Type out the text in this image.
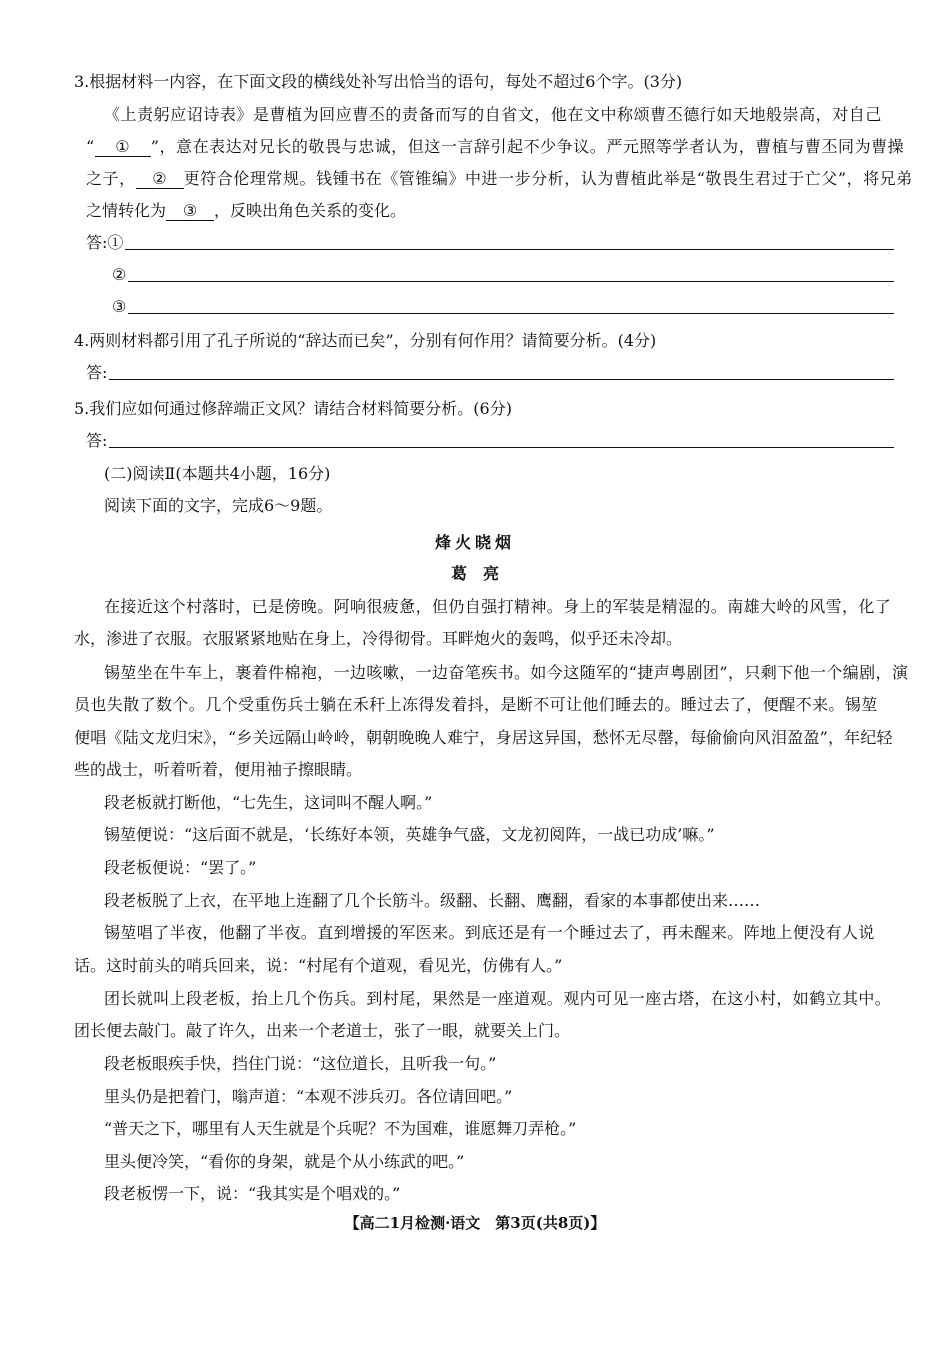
3.根据材料一内容，在下面文段的横线处补写出恰当的语句，每处不超过6个字。(3分)
《上责躬应诏诗表》是曹植为回应曹丕的责备而写的自省文，他在文中称颂曹丕德行如天地般崇高，对自己
“ ① ”，意在表达对兄长的敬畏与忠诚，但这一言辞引起不少争议。严元照等学者认为，曹植与曹丕同为曹操
之子， ② 更符合伦理常规。钱锺书在《管锥编》中进一步分析，认为曹植此举是“敬畏生君过于亡父”，将兄弟
之情转化为 ③ ，反映出角色关系的变化。
答:①
②
③
4.两则材料都引用了孔子所说的“辞达而已矣”，分别有何作用？请简要分析。(4分)
答:
5.我们应如何通过修辞端正文风？请结合材料简要分析。(6分)
答:
(二)阅读Ⅱ(本题共4小题，16分)
阅读下面的文字，完成6～9题。
烽火晓烟
葛　亮
在接近这个村落时，已是傍晚。阿响很疲惫，但仍自强打精神。身上的军装是精湿的。南雄大岭的风雪，化了
水，渗进了衣服。衣服紧紧地贴在身上，冷得彻骨。耳畔炮火的轰鸣，似乎还未冷却。
锡堃坐在牛车上，裹着件棉袍，一边咳嗽，一边奋笔疾书。如今这随军的“捷声粤剧团”，只剩下他一个编剧，演
员也失散了数个。几个受重伤兵士躺在禾秆上冻得发着抖，是断不可让他们睡去的。睡过去了，便醒不来。锡堃
便唱《陆文龙归宋》，“乡关远隔山岭岭，朝朝晚晚人难宁，身居这异国，愁怀无尽罄，每偷偷向风泪盈盈”，年纪轻
些的战士，听着听着，便用袖子擦眼睛。
段老板就打断他，“七先生，这词叫不醒人啊。”
锡堃便说：“这后面不就是，‘长练好本领，英雄争气盛，文龙初阅阵，一战已功成’嘛。”
段老板便说：“罢了。”
段老板脱了上衣，在平地上连翻了几个长筋斗。级翻、长翻、鹰翻，看家的本事都使出来……
锡堃唱了半夜，他翻了半夜。直到增援的军医来。到底还是有一个睡过去了，再未醒来。阵地上便没有人说
话。这时前头的哨兵回来，说：“村尾有个道观，看见光，仿佛有人。”
团长就叫上段老板，抬上几个伤兵。到村尾，果然是一座道观。观内可见一座古塔，在这小村，如鹤立其中。
团长便去敲门。敲了许久，出来一个老道士，张了一眼，就要关上门。
段老板眼疾手快，挡住门说：“这位道长，且听我一句。”
里头仍是把着门，嗡声道：“本观不涉兵刃。各位请回吧。”
“普天之下，哪里有人天生就是个兵呢？不为国难，谁愿舞刀弄枪。”
里头便冷笑，“看你的身架，就是个从小练武的吧。”
段老板愣一下，说：“我其实是个唱戏的。”
【高二1月检测·语文　第3页(共8页)】
